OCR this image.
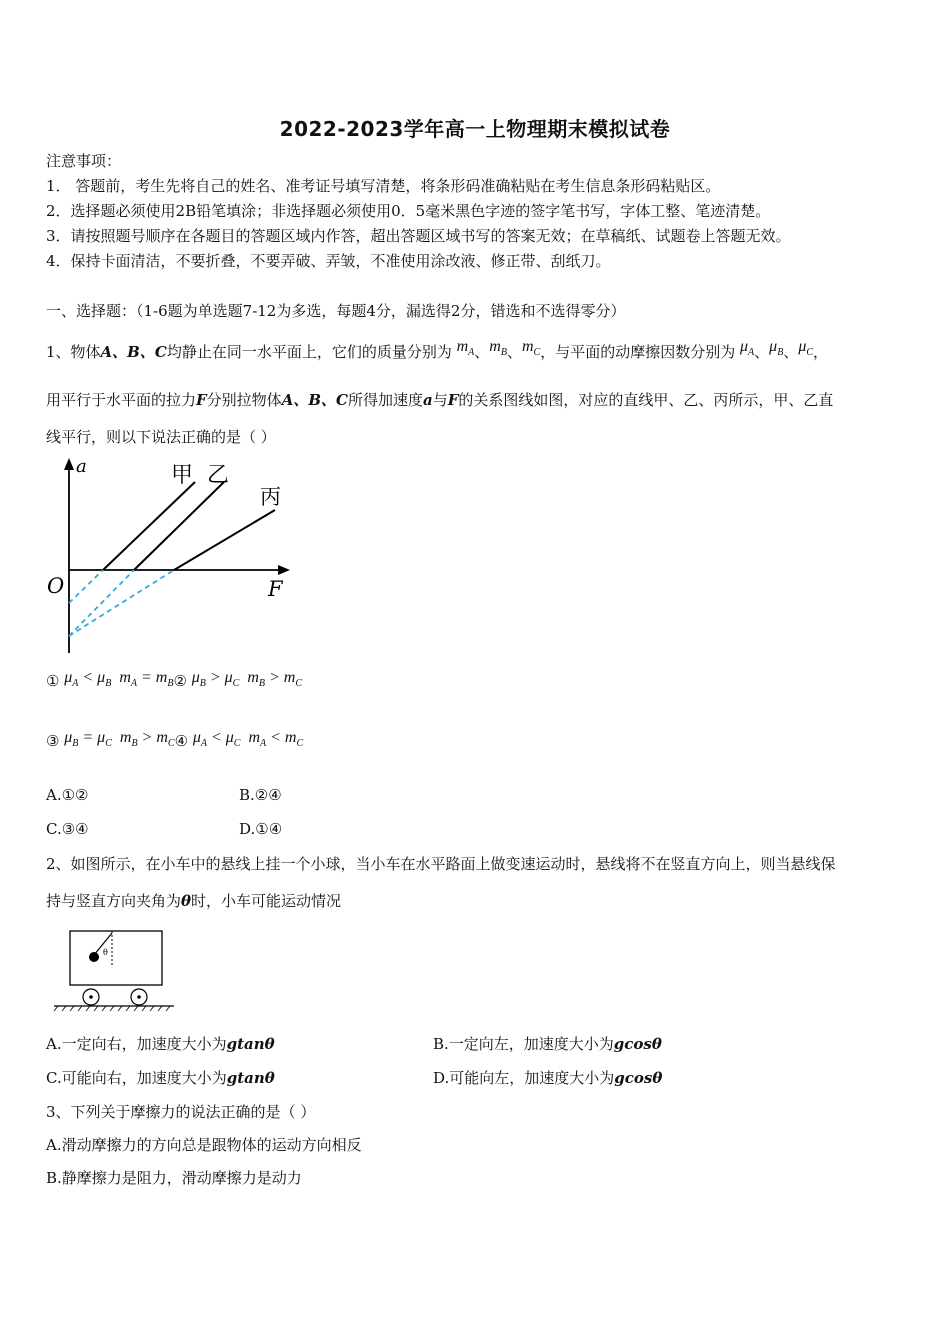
2022-2023学年高一上物理期末模拟试卷
注意事项：
1． 答题前，考生先将自己的姓名、准考证号填写清楚，将条形码准确粘贴在考生信息条形码粘贴区。
2．选择题必须使用2B铅笔填涂；非选择题必须使用0．5毫米黑色字迹的签字笔书写，字体工整、笔迹清楚。
3．请按照题号顺序在各题目的答题区域内作答，超出答题区域书写的答案无效；在草稿纸、试题卷上答题无效。
4．保持卡面清洁，不要折叠，不要弄破、弄皱，不准使用涂改液、修正带、刮纸刀。
一、选择题：（1-6题为单选题7-12为多选，每题4分，漏选得2分，错选和不选得零分）
1、物体A、B、C均静止在同一水平面上，它们的质量分别为 $m_A$、$m_B$、$m_C$，与平面的动摩擦因数分别为 $\mu_A$、$\mu_B$、$\mu_C$，
用平行于水平面的拉力F分别拉物体A、B、C所得加速度a与F的关系图线如图，对应的直线甲、乙、丙所示，甲、乙直
线平行，则以下说法正确的是（ ）
a
F
O
甲 乙
丙
① $\mu_A < \mu_B$  $m_A$ = $m_B②$ $\mu_B > \mu_C$  $m_B > m_C$
③ $\mu_B = \mu_C$  $m_B$ > $m_C④$ $\mu_A < \mu_C$  $m_A < m_C$
A.①②	B.②④
C.③④	D.①④
2、如图所示，在小车中的悬线上挂一个小球，当小车在水平路面上做变速运动时，悬线将不在竖直方向上，则当悬线保
持与竖直方向夹角为θ时，小车可能运动情况
θ
A.一定向右，加速度大小为gtanθ	B.一定向左，加速度大小为gcosθ
C.可能向右，加速度大小为gtanθ	D.可能向左，加速度大小为gcosθ
3、下列关于摩擦力的说法正确的是（ ）
A.滑动摩擦力的方向总是跟物体的运动方向相反
B.静摩擦力是阻力，滑动摩擦力是动力
